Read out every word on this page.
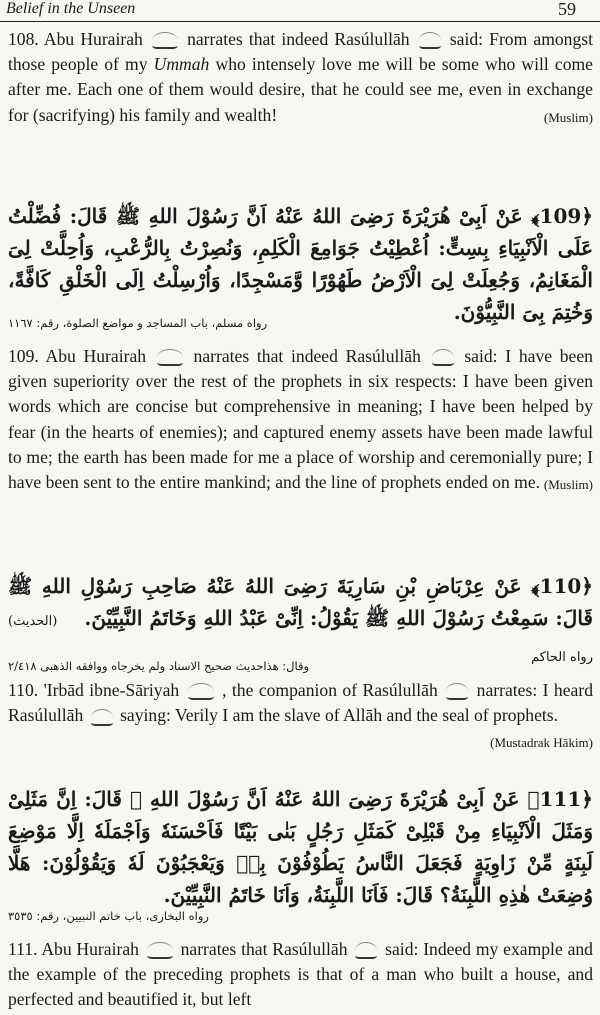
Belief in the Unseen	59
108. Abu Hurairah	narrates that indeed Rasúlullāh said: From amongst those people of my Ummah who intensely love me will be some who will come after me. Each one of them would desire, that he could see me, even in exchange for (sacrifying) his family and wealth!	(Muslim)
﴿109﴾ عَنْ اَبِیْ هُرَیْرَةَ رَضِیَ اللهُ عَنْهُ اَنَّ رَسُوْلَ اللهِ ﷺ قَالَ: فُضِّلْتُ عَلَى الْاَنْبِیَاءِ بِسِتٍّ: اُعْطِیْتُ جَوَامِعَ الْكَلِمِ، وَنُصِرْتُ بِالرُّعْبِ، وَاُحِلَّتْ لِیَ الْمَغَانِمُ، وَجُعِلَتْ لِیَ الْاَرْضُ طَهُوْرًا وَّمَسْجِدًا، وَاُرْسِلْتُ اِلَى الْخَلْقِ كَافَّةً، وَخُتِمَ بِیَ النَّبِیُّوْنَ.
رواه مسلم، باب المساجد و مواضع الصلوة، رقم: ١١٦٧
109. Abu Hurairah	narrates that indeed Rasúlullāh said: I have been given superiority over the rest of the prophets in six respects: I have been given words which are concise but comprehensive in meaning; I have been helped by fear (in the hearts of enemies); and captured enemy assets have been made lawful to me; the earth has been made for me a place of worship and ceremonially pure; I have been sent to the entire mankind; and the line of prophets ended on me. (Muslim)
﴿110﴾ عَنْ عِرْبَاضِ بْنِ سَارِیَةَ رَضِیَ اللهُ عَنْهُ صَاحِبِ رَسُوْلِ اللهِ ﷺ قَالَ: سَمِعْتُ رَسُوْلَ اللهِ ﷺ یَقُوْلُ: اِنِّیْ عَبْدُ اللهِ وَخَاتَمُ النَّبِیِّیْنَ. (الحدیث) رواه الحاکم
وقال: هذاحدیث صحیح الاسناد ولم یخرجاه ووافقه الذهبی ٢/٤١٨
110. 'Irbād ibne-Sāriyah , the companion of Rasúlullāh narrates: I heard Rasúlullāh saying: Verily I am the slave of Allāh and the seal of prophets.
(Mustadrak Hākim)
﴿111﴾ عَنْ اَبِیْ هُرَیْرَةَ رَضِیَ اللهُ عَنْهُ اَنَّ رَسُوْلَ اللهِ ﷺ قَالَ: اِنَّ مَثَلِیْ وَمَثَلَ الْاَنْبِیَاءِ مِنْ قَبْلِیْ كَمَثَلِ رَجُلٍ بَنٰی بَیْتًا فَاَحْسَنَهٗ وَاَجْمَلَهٗ اِلَّا مَوْضِعَ لَبِنَةٍ مِّنْ زَاوِیَةٍ فَجَعَلَ النَّاسُ یَطُوْفُوْنَ بِهٖ وَیَعْجَبُوْنَ لَهٗ وَیَقُوْلُوْنَ: هَلَّا وُضِعَتْ هٰذِهِ اللَّبِنَةُ؟ قَالَ: فَاَنَا اللَّبِنَةُ، وَاَنَا خَاتَمُ النَّبِیِّیْنَ.
رواه البخاری، باب خاتم النبیین، رقم: ٣٥٣٥
111. Abu Hurairah narrates that Rasúlullāh said: Indeed my example and the example of the preceding prophets is that of a man who built a house, and perfected and beautified it, but left
